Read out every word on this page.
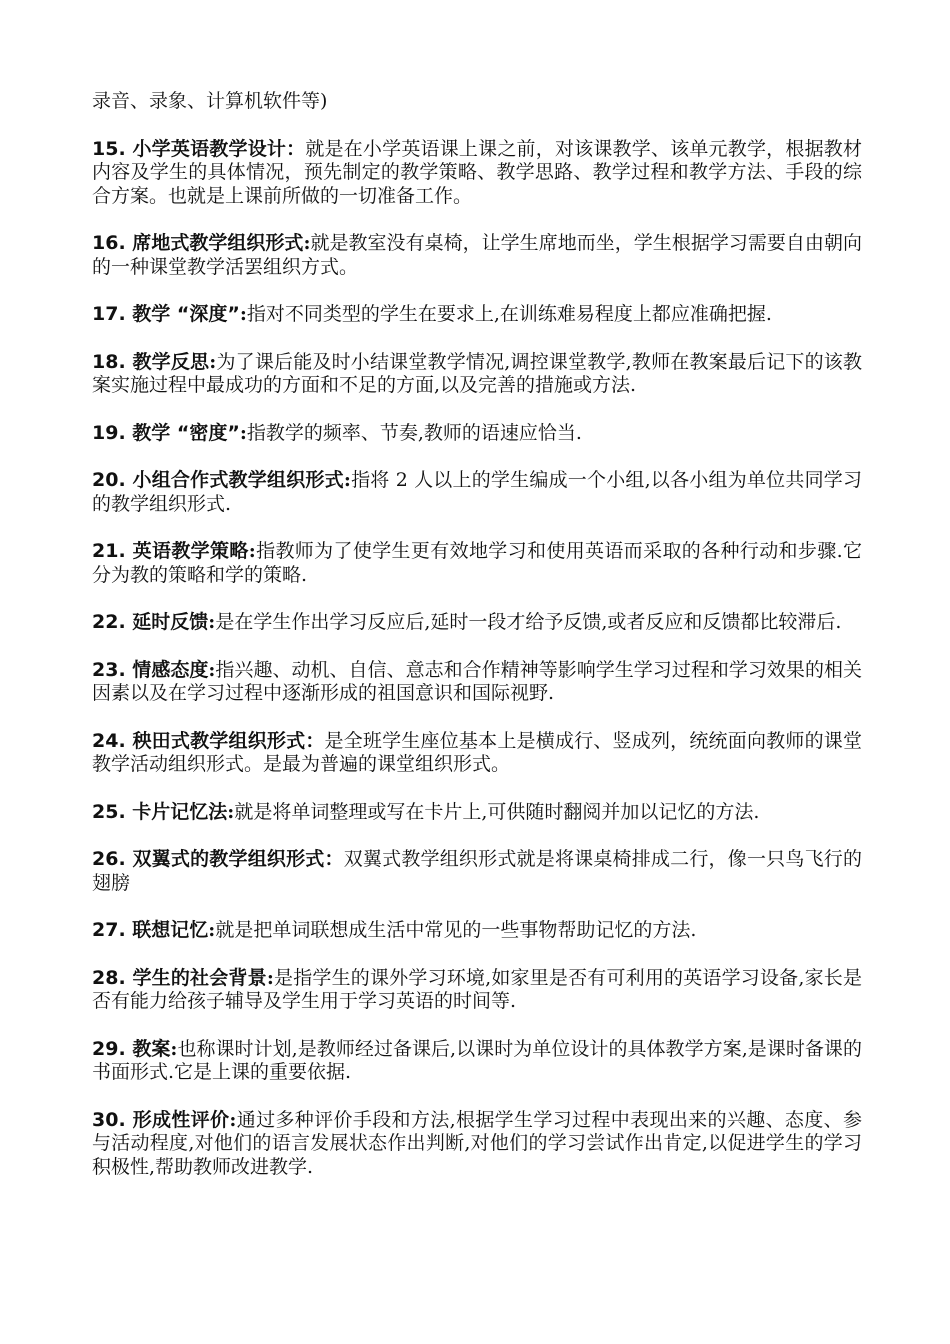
录音、录象、计算机软件等)

15. 小学英语教学设计：就是在小学英语课上课之前，对该课教学、该单元教学，根据教材内容及学生的具体情况，预先制定的教学策略、教学思路、教学过程和教学方法、手段的综合方案。也就是上课前所做的一切准备工作。

16. 席地式教学组织形式:就是教室没有桌椅，让学生席地而坐，学生根据学习需要自由朝向的一种课堂教学活罢组织方式。

17. 教学 “深度”:指对不同类型的学生在要求上,在训练难易程度上都应准确把握.

18. 教学反思:为了课后能及时小结课堂教学情况,调控课堂教学,教师在教案最后记下的该教案实施过程中最成功的方面和不足的方面,以及完善的措施或方法.

19. 教学 “密度”:指教学的频率、节奏,教师的语速应恰当.

20. 小组合作式教学组织形式:指将 2 人以上的学生编成一个小组,以各小组为单位共同学习的教学组织形式.

21. 英语教学策略:指教师为了使学生更有效地学习和使用英语而采取的各种行动和步骤.它分为教的策略和学的策略.

22. 延时反馈:是在学生作出学习反应后,延时一段才给予反馈,或者反应和反馈都比较滞后.

23. 情感态度:指兴趣、动机、自信、意志和合作精神等影响学生学习过程和学习效果的相关因素以及在学习过程中逐渐形成的祖国意识和国际视野.

24. 秧田式教学组织形式：是全班学生座位基本上是横成行、竖成列，统统面向教师的课堂教学活动组织形式。是最为普遍的课堂组织形式。

25. 卡片记忆法:就是将单词整理或写在卡片上,可供随时翻阅并加以记忆的方法.

26. 双翼式的教学组织形式：双翼式教学组织形式就是将课桌椅排成二行，像一只鸟飞行的翅膀

27. 联想记忆:就是把单词联想成生活中常见的一些事物帮助记忆的方法.

28. 学生的社会背景:是指学生的课外学习环境,如家里是否有可利用的英语学习设备,家长是否有能力给孩子辅导及学生用于学习英语的时间等.

29. 教案:也称课时计划,是教师经过备课后,以课时为单位设计的具体教学方案,是课时备课的书面形式.它是上课的重要依据.

30. 形成性评价:通过多种评价手段和方法,根据学生学习过程中表现出来的兴趣、态度、参与活动程度,对他们的语言发展状态作出判断,对他们的学习尝试作出肯定,以促进学生的学习积极性,帮助教师改进教学.
